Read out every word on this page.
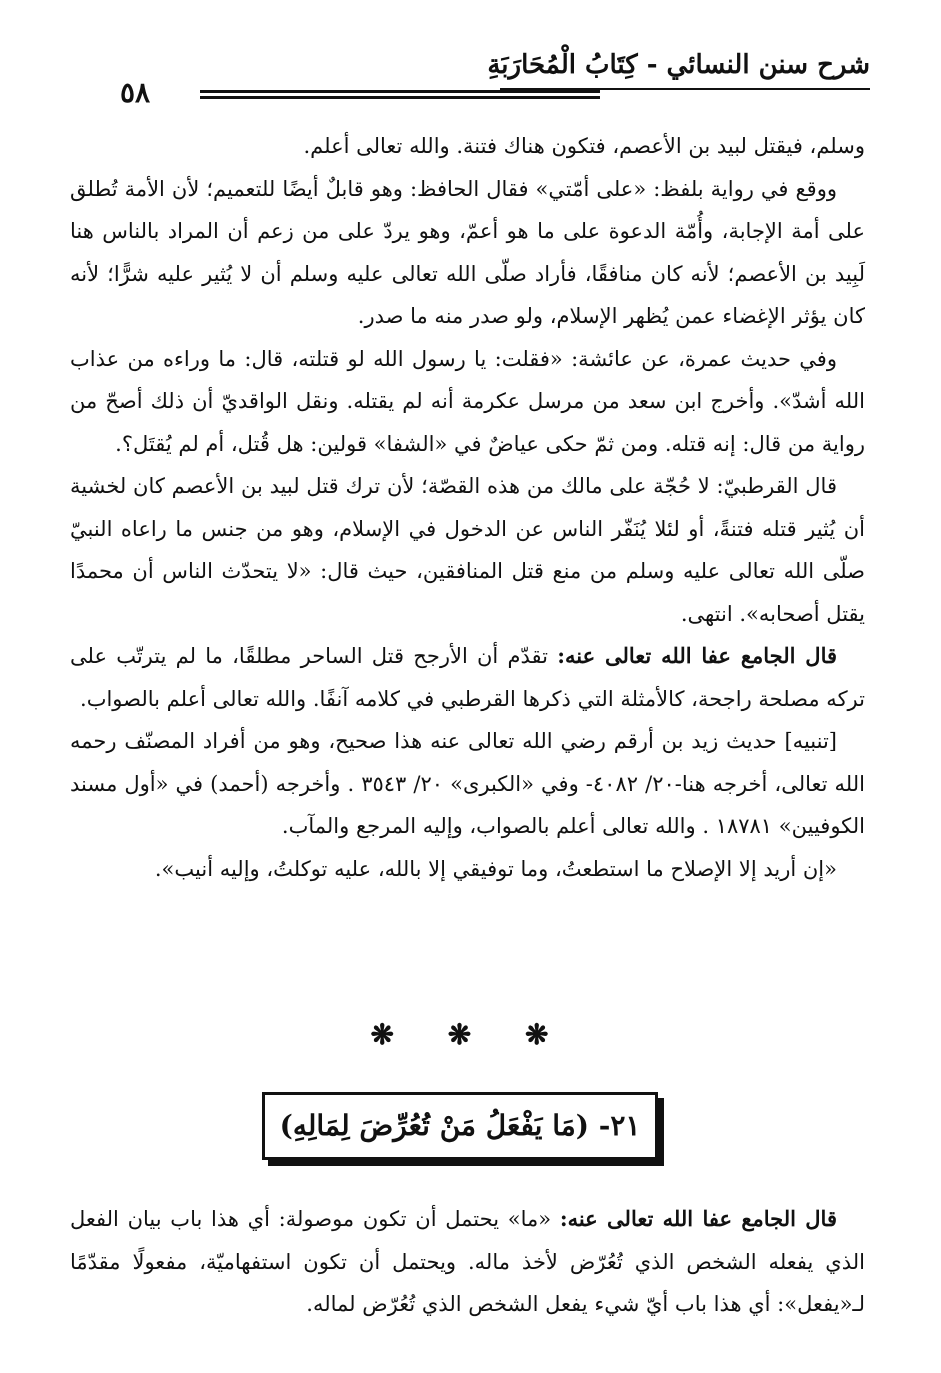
شرح سنن النسائي - كِتَابُ الْمُحَارَبَةِ
٥٨

وسلم، فيقتل لبيد بن الأعصم، فتكون هناك فتنة. والله تعالى أعلم.

ووقع في رواية بلفظ: «على أمّتي» فقال الحافظ: وهو قابلٌ أيضًا للتعميم؛ لأن الأمة تُطلق على أمة الإجابة، وأُمّة الدعوة على ما هو أعمّ، وهو يردّ على من زعم أن المراد بالناس هنا لَبِيد بن الأعصم؛ لأنه كان منافقًا، فأراد صلّى الله تعالى عليه وسلم أن لا يُثير عليه شرًّا؛ لأنه كان يؤثر الإغضاء عمن يُظهر الإسلام، ولو صدر منه ما صدر.

وفي حديث عمرة، عن عائشة: «فقلت: يا رسول الله لو قتلته، قال: ما وراءه من عذاب الله أشدّ». وأخرج ابن سعد من مرسل عكرمة أنه لم يقتله. ونقل الواقديّ أن ذلك أصحّ من رواية من قال: إنه قتله. ومن ثمّ حكى عياضٌ في «الشفا» قولين: هل قُتل، أم لم يُقتَل؟.

قال القرطبيّ: لا حُجّة على مالك من هذه القصّة؛ لأن ترك قتل لبيد بن الأعصم كان لخشية أن يُثير قتله فتنةً، أو لئلا يُنَفّر الناس عن الدخول في الإسلام، وهو من جنس ما راعاه النبيّ صلّى الله تعالى عليه وسلم من منع قتل المنافقين، حيث قال: «لا يتحدّث الناس أن محمدًا يقتل أصحابه». انتهى.

قال الجامع عفا الله تعالى عنه: تقدّم أن الأرجح قتل الساحر مطلقًا، ما لم يترتّب على تركه مصلحة راجحة، كالأمثلة التي ذكرها القرطبي في كلامه آنفًا. والله تعالى أعلم بالصواب.

[تنبيه] حديث زيد بن أرقم رضي الله تعالى عنه هذا صحيح، وهو من أفراد المصنّف رحمه الله تعالى، أخرجه هنا-٢٠/ ٤٠٨٢- وفي «الكبرى» ٢٠/ ٣٥٤٣ . وأخرجه (أحمد) في «أول مسند الكوفيين» ١٨٧٨١ . والله تعالى أعلم بالصواب، وإليه المرجع والمآب.

«إن أريد إلا الإصلاح ما استطعتُ، وما توفيقي إلا بالله، عليه توكلتُ، وإليه أنيب».

❋ ❋ ❋
٢١- (مَا يَفْعَلُ مَنْ تُعُرِّضَ لِمَالِهِ)

قال الجامع عفا الله تعالى عنه: «ما» يحتمل أن تكون موصولة: أي هذا باب بيان الفعل الذي يفعله الشخص الذي تُعُرّض لأخذ ماله. ويحتمل أن تكون استفهاميّة، مفعولًا مقدّمًا لـ«يفعل»: أي هذا باب أيّ شيء يفعل الشخص الذي تُعُرّض لماله.
